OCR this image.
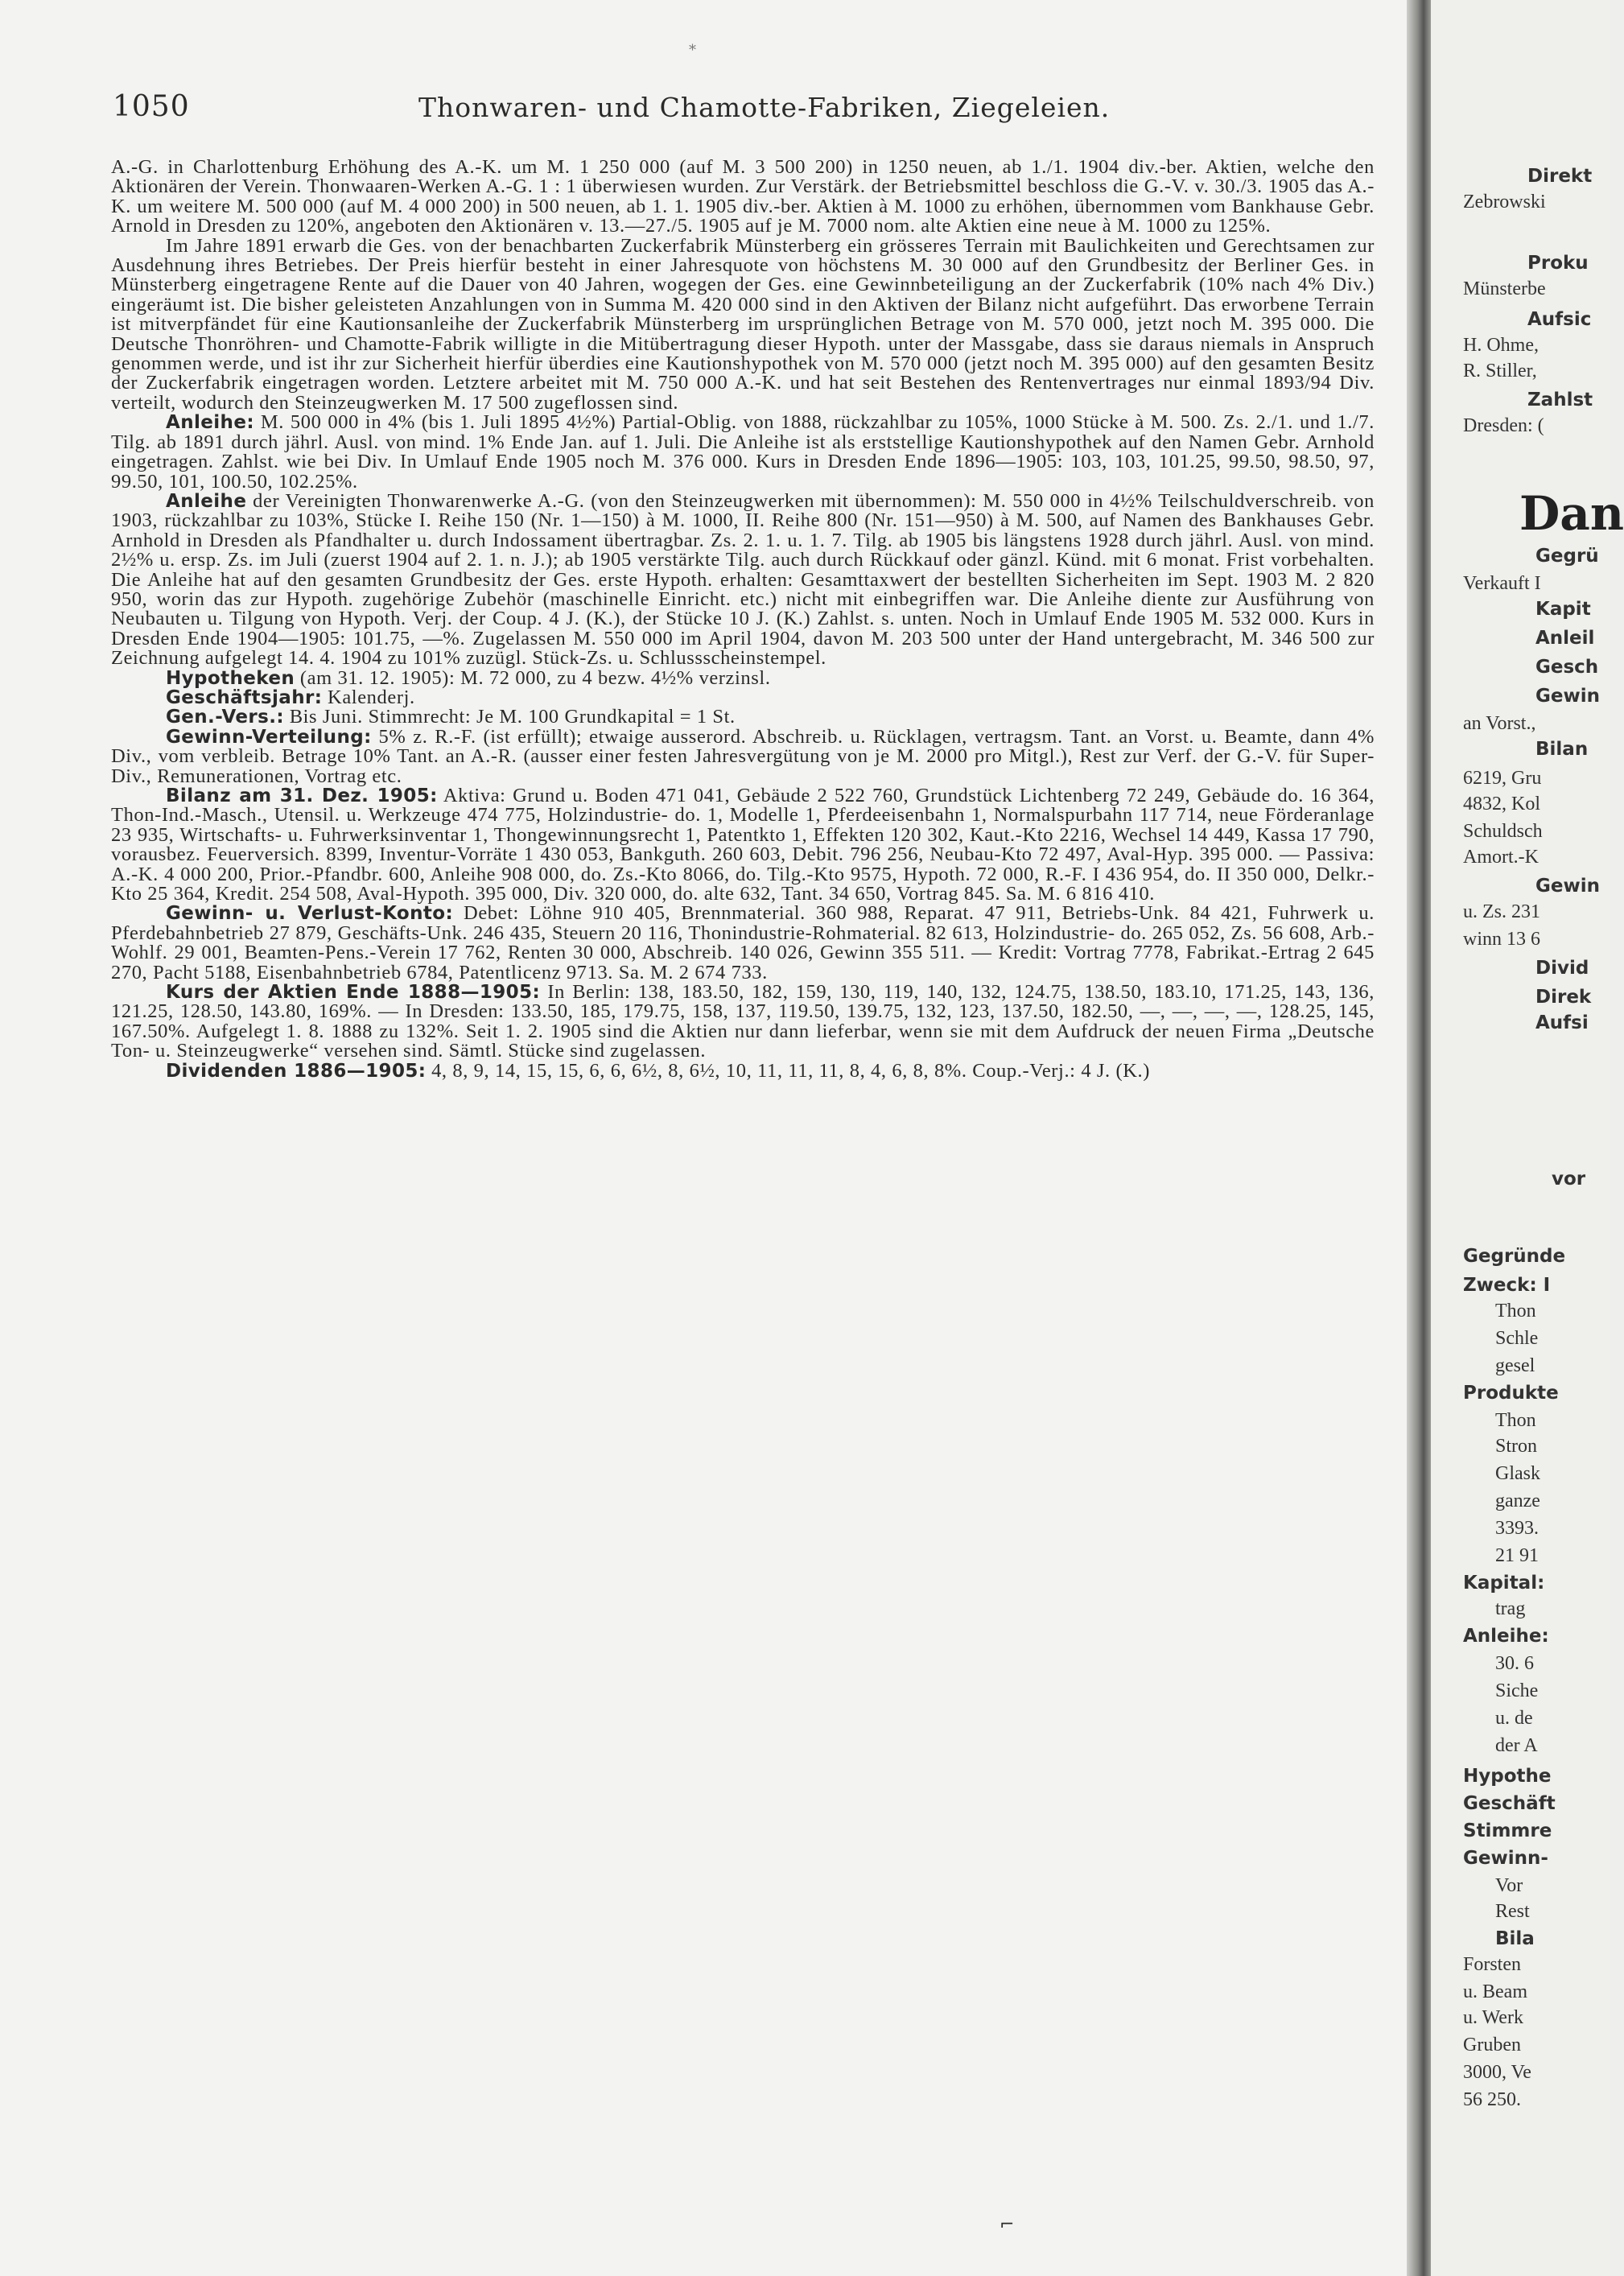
*
1050	Thonwaren- und Chamotte-Fabriken, Ziegeleien.

A.-G. in Charlottenburg Erhöhung des A.-K. um M. 1 250 000 (auf M. 3 500 200) in 1250 neuen, ab 1./1. 1904 div.-ber. Aktien, welche den Aktionären der Verein. Thonwaaren-Werken A.-G. 1 : 1 überwiesen wurden. Zur Verstärk. der Betriebsmittel beschloss die G.-V. v. 30./3. 1905 das A.-K. um weitere M. 500 000 (auf M. 4 000 200) in 500 neuen, ab 1. 1. 1905 div.-ber. Aktien à M. 1000 zu erhöhen, übernommen vom Bankhause Gebr. Arnold in Dresden zu 120%, angeboten den Aktionären v. 13.—27./5. 1905 auf je M. 7000 nom. alte Aktien eine neue à M. 1000 zu 125%.

Im Jahre 1891 erwarb die Ges. von der benachbarten Zuckerfabrik Münsterberg ein grösseres Terrain mit Baulichkeiten und Gerechtsamen zur Ausdehnung ihres Betriebes. Der Preis hierfür besteht in einer Jahresquote von höchstens M. 30 000 auf den Grundbesitz der Berliner Ges. in Münsterberg eingetragene Rente auf die Dauer von 40 Jahren, wogegen der Ges. eine Gewinnbeteiligung an der Zuckerfabrik (10% nach 4% Div.) eingeräumt ist. Die bisher geleisteten Anzahlungen von in Summa M. 420 000 sind in den Aktiven der Bilanz nicht aufgeführt. Das erworbene Terrain ist mitverpfändet für eine Kautionsanleihe der Zuckerfabrik Münsterberg im ursprünglichen Betrage von M. 570 000, jetzt noch M. 395 000. Die Deutsche Thonröhren- und Chamotte-Fabrik willigte in die Mitübertragung dieser Hypoth. unter der Massgabe, dass sie daraus niemals in Anspruch genommen werde, und ist ihr zur Sicherheit hierfür überdies eine Kautionshypothek von M. 570 000 (jetzt noch M. 395 000) auf den gesamten Besitz der Zuckerfabrik eingetragen worden. Letztere arbeitet mit M. 750 000 A.-K. und hat seit Bestehen des Rentenvertrages nur einmal 1893/94 Div. verteilt, wodurch den Steinzeugwerken M. 17 500 zugeflossen sind.

Anleihe: M. 500 000 in 4% (bis 1. Juli 1895 4½%) Partial-Oblig. von 1888, rückzahlbar zu 105%, 1000 Stücke à M. 500. Zs. 2./1. und 1./7. Tilg. ab 1891 durch jährl. Ausl. von mind. 1% Ende Jan. auf 1. Juli. Die Anleihe ist als erststellige Kautionshypothek auf den Namen Gebr. Arnhold eingetragen. Zahlst. wie bei Div. In Umlauf Ende 1905 noch M. 376 000. Kurs in Dresden Ende 1896—1905: 103, 103, 101.25, 99.50, 98.50, 97, 99.50, 101, 100.50, 102.25%.

Anleihe der Vereinigten Thonwarenwerke A.-G. (von den Steinzeugwerken mit übernommen): M. 550 000 in 4½% Teilschuldverschreib. von 1903, rückzahlbar zu 103%, Stücke I. Reihe 150 (Nr. 1—150) à M. 1000, II. Reihe 800 (Nr. 151—950) à M. 500, auf Namen des Bankhauses Gebr. Arnhold in Dresden als Pfandhalter u. durch Indossament übertragbar. Zs. 2. 1. u. 1. 7. Tilg. ab 1905 bis längstens 1928 durch jährl. Ausl. von mind. 2½% u. ersp. Zs. im Juli (zuerst 1904 auf 2. 1. n. J.); ab 1905 verstärkte Tilg. auch durch Rückkauf oder gänzl. Künd. mit 6 monat. Frist vorbehalten. Die Anleihe hat auf den gesamten Grundbesitz der Ges. erste Hypoth. erhalten: Gesamttaxwert der bestellten Sicherheiten im Sept. 1903 M. 2 820 950, worin das zur Hypoth. zugehörige Zubehör (maschinelle Einricht. etc.) nicht mit einbegriffen war. Die Anleihe diente zur Ausführung von Neubauten u. Tilgung von Hypoth. Verj. der Coup. 4 J. (K.), der Stücke 10 J. (K.) Zahlst. s. unten. Noch in Umlauf Ende 1905 M. 532 000. Kurs in Dresden Ende 1904—1905: 101.75, —%. Zugelassen M. 550 000 im April 1904, davon M. 203 500 unter der Hand untergebracht, M. 346 500 zur Zeichnung aufgelegt 14. 4. 1904 zu 101% zuzügl. Stück-Zs. u. Schlussscheinstempel.

Hypotheken (am 31. 12. 1905): M. 72 000, zu 4 bezw. 4½% verzinsl.

Geschäftsjahr: Kalenderj.

Gen.-Vers.: Bis Juni. Stimmrecht: Je M. 100 Grundkapital = 1 St.

Gewinn-Verteilung: 5% z. R.-F. (ist erfüllt); etwaige ausserord. Abschreib. u. Rücklagen, vertragsm. Tant. an Vorst. u. Beamte, dann 4% Div., vom verbleib. Betrage 10% Tant. an A.-R. (ausser einer festen Jahresvergütung von je M. 2000 pro Mitgl.), Rest zur Verf. der G.-V. für Super-Div., Remunerationen, Vortrag etc.

Bilanz am 31. Dez. 1905: Aktiva: Grund u. Boden 471 041, Gebäude 2 522 760, Grundstück Lichtenberg 72 249, Gebäude do. 16 364, Thon-Ind.-Masch., Utensil. u. Werkzeuge 474 775, Holzindustrie- do. 1, Modelle 1, Pferdeeisenbahn 1, Normalspurbahn 117 714, neue Förderanlage 23 935, Wirtschafts- u. Fuhrwerksinventar 1, Thongewinnungsrecht 1, Patentkto 1, Effekten 120 302, Kaut.-Kto 2216, Wechsel 14 449, Kassa 17 790, vorausbez. Feuerversich. 8399, Inventur-Vorräte 1 430 053, Bankguth. 260 603, Debit. 796 256, Neubau-Kto 72 497, Aval-Hyp. 395 000. — Passiva: A.-K. 4 000 200, Prior.-Pfandbr. 600, Anleihe 908 000, do. Zs.-Kto 8066, do. Tilg.-Kto 9575, Hypoth. 72 000, R.-F. I 436 954, do. II 350 000, Delkr.-Kto 25 364, Kredit. 254 508, Aval-Hypoth. 395 000, Div. 320 000, do. alte 632, Tant. 34 650, Vortrag 845. Sa. M. 6 816 410.

Gewinn- u. Verlust-Konto: Debet: Löhne 910 405, Brennmaterial. 360 988, Reparat. 47 911, Betriebs-Unk. 84 421, Fuhrwerk u. Pferdebahnbetrieb 27 879, Geschäfts-Unk. 246 435, Steuern 20 116, Thonindustrie-Rohmaterial. 82 613, Holzindustrie- do. 265 052, Zs. 56 608, Arb.-Wohlf. 29 001, Beamten-Pens.-Verein 17 762, Renten 30 000, Abschreib. 140 026, Gewinn 355 511. — Kredit: Vortrag 7778, Fabrikat.-Ertrag 2 645 270, Pacht 5188, Eisenbahnbetrieb 6784, Patentlicenz 9713. Sa. M. 2 674 733.

Kurs der Aktien Ende 1888—1905: In Berlin: 138, 183.50, 182, 159, 130, 119, 140, 132, 124.75, 138.50, 183.10, 171.25, 143, 136, 121.25, 128.50, 143.80, 169%. — In Dresden: 133.50, 185, 179.75, 158, 137, 119.50, 139.75, 132, 123, 137.50, 182.50, —, —, —, —, 128.25, 145, 167.50%. Aufgelegt 1. 8. 1888 zu 132%. Seit 1. 2. 1905 sind die Aktien nur dann lieferbar, wenn sie mit dem Aufdruck der neuen Firma „Deutsche Ton- u. Steinzeugwerke“ versehen sind. Sämtl. Stücke sind zugelassen.

Dividenden 1886—1905: 4, 8, 9, 14, 15, 15, 6, 6, 6½, 8, 6½, 10, 11, 11, 11, 8, 4, 6, 8, 8%. Coup.-Verj.: 4 J. (K.)

⌐
Dan
Direkt
Zebrowski
Proku
Münsterbe
Aufsic
H. Ohme,
R. Stiller,
Zahlst
Dresden: (
Gegrü
Verkauft I
Kapit
Anleil
Gesch
Gewin
an Vorst.,
Bilan
6219, Gru
4832, Kol
Schuldsch
Amort.-K
Gewin
u. Zs. 231
winn 13 6
Divid
Direk
Aufsi
vor
Gegründe
Zweck: I
Thon
Schle
gesel
Produkte
Thon
Stron
Glask
ganze
3393.
21 91
Kapital:
trag
Anleihe:
30. 6
Siche
u. de
der A
Hypothe
Geschäft
Stimmre
Gewinn-
Vor
Rest
Bila
Forsten
u. Beam
u. Werk
Gruben
3000, Ve
56 250.
